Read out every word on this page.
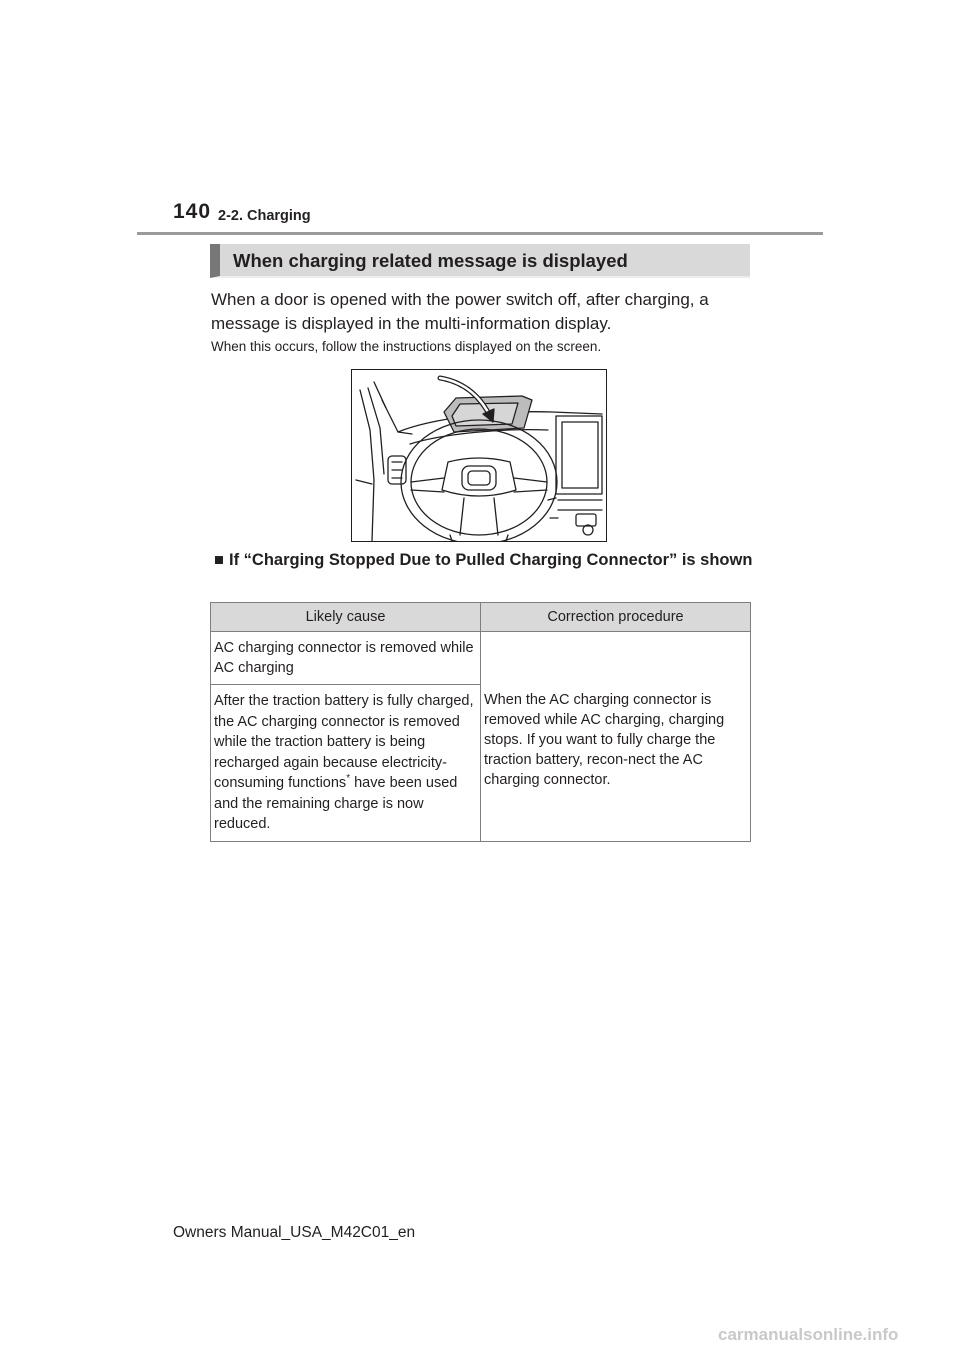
140 2-2. Charging
When charging related message is displayed
When a door is opened with the power switch off, after charging, a message is displayed in the multi-information display.
When this occurs, follow the instructions displayed on the screen.
■ If “Charging Stopped Due to Pulled Charging Connector” is shown
Likely cause	Correction procedure
AC charging connector is removed while AC charging	When the AC charging connector is removed while AC charging, charging stops. If you want to fully charge the traction battery, recon-nect the AC charging connector.
After the traction battery is fully charged, the AC charging connector is removed while the traction battery is being recharged again because electricity-consuming functions* have been used and the remaining charge is now reduced.	
Owners Manual_USA_M42C01_en
carmanualsonline.info
